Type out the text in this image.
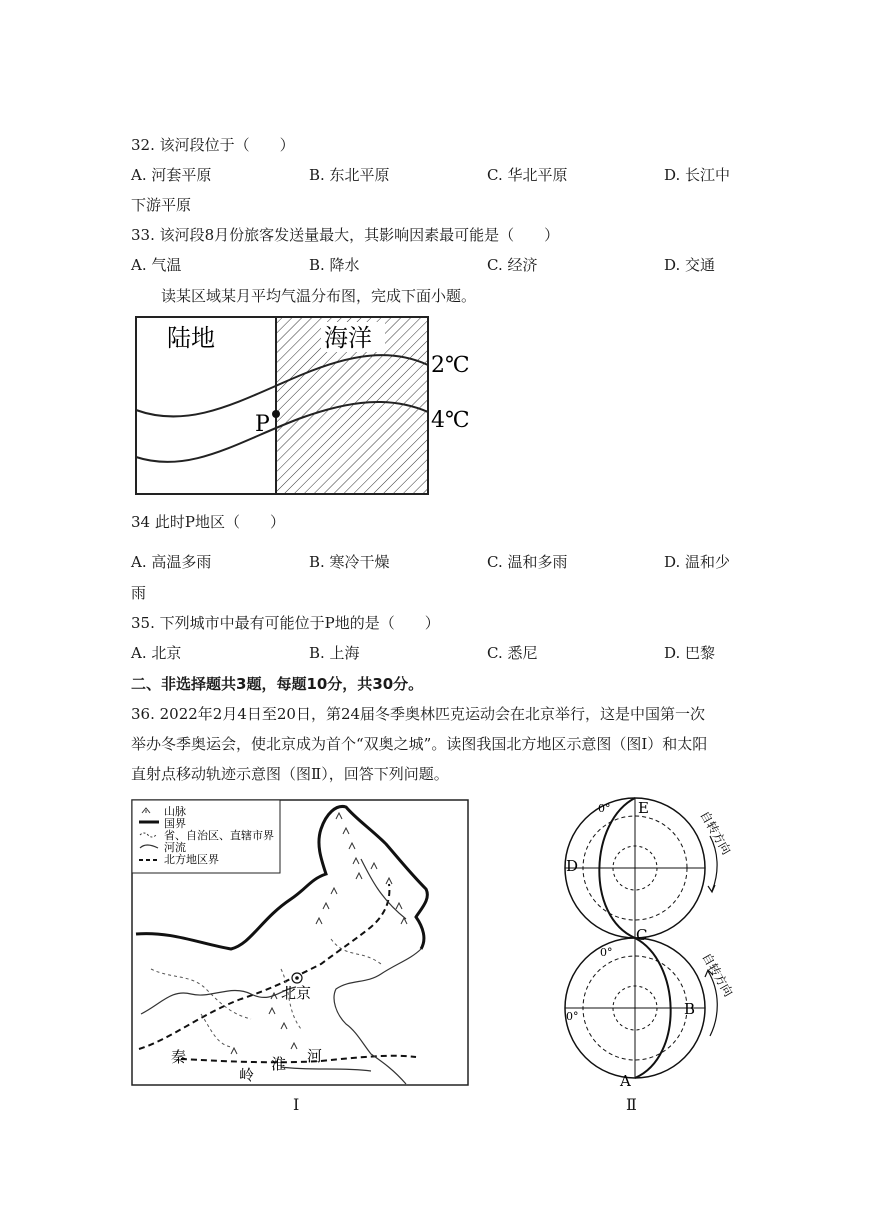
32. 该河段位于（　　）
A. 河套平原	B. 东北平原	C. 华北平原	D. 长江中
下游平原
33. 该河段8月份旅客发送量最大，其影响因素最可能是（　　）
A. 气温	B. 降水	C. 经济	D. 交通
读某区域某月平均气温分布图，完成下面小题。
陆地	海洋
2℃
4℃
P
34 此时P地区（　　）
A. 高温多雨	B. 寒冷干燥	C. 温和多雨	D. 温和少
雨
35. 下列城市中最有可能位于P地的是（　　）
A. 北京	B. 上海	C. 悉尼	D. 巴黎
二、非选择题共3题，每题10分，共30分。
36. 2022年2月4日至20日，第24届冬季奥林匹克运动会在北京举行，这是中国第一次
举办冬季奥运会，使北京成为首个“双奥之城”。读图我国北方地区示意图（图Ⅰ）和太阳
直射点移动轨迹示意图（图Ⅱ），回答下列问题。
山脉
国界
省、自治区、直辖市界
河流
北方地区界
北京
秦
岭
淮 河
Ⅰ
E
D
C
B
A
0°
0°
0°
自转方向
自转方向
Ⅱ
